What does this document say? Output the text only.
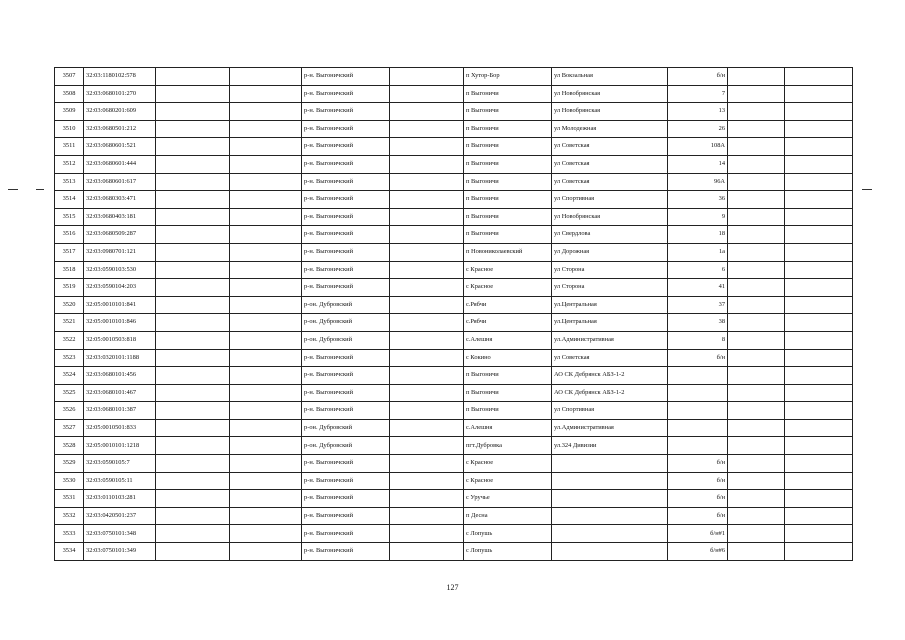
3507	32:03:1180102:578			р-н. Выгоничский		п Хутор-Бор	ул Вокзальная	б/н		
3508	32:03:0680101:270			р-н. Выгоничский		п Выгоничи	ул Новобрянская	7		
3509	32:03:0680201:609			р-н. Выгоничский		п Выгоничи	ул Новобрянская	13		
3510	32:03:0680501:212			р-н. Выгоничский		п Выгоничи	ул Молодежная	26		
3511	32:03:0680601:521			р-н. Выгоничский		п Выгоничи	ул Советская	108А		
3512	32:03:0680601:444			р-н. Выгоничский		п Выгоничи	ул Советская	14		
3513	32:03:0680601:617			р-н. Выгоничский		п Выгоничи	ул Советская	96А		
3514	32:03:0680303:471			р-н. Выгоничский		п Выгоничи	ул Спортивная	36		
3515	32:03:0680403:181			р-н. Выгоничский		п Выгоничи	ул Новобрянская	9		
3516	32:03:0680509:287			р-н. Выгоничский		п Выгоничи	ул Свердлова	18		
3517	32:03:0980701:121			р-н. Выгоничский		п Новониколаевский	ул Дорожная	1а		
3518	32:03:0590103:530			р-н. Выгоничский		с Красное	ул Сторона	6		
3519	32:03:0590104:203			р-н. Выгоничский		с Красное	ул Сторона	41		
3520	32:05:0010101:841			р-он. Дубровский		с.Рябчи	ул.Центральная	37		
3521	32:05:0010101:846			р-он. Дубровский		с.Рябчи	ул.Центральная	38		
3522	32:05:0010503:818			р-он. Дубровский		с.Алешня	ул.Административная	8		
3523	32:03:0320101:1188			р-н. Выгоничский		с Кокино	ул Советская	б/н		
3524	32:03:0680101:456			р-н. Выгоничский		п Выгоничи	АО СК Дебрянск АБЗ-1-2			
3525	32:03:0680101:467			р-н. Выгоничский		п Выгоничи	АО СК Дебрянск АБЗ-1-2			
3526	32:03:0680101:387			р-н. Выгоничский		п Выгоничи	ул Спортивная			
3527	32:05:0010501:833			р-он. Дубровский		с.Алешня	ул.Административная			
3528	32:05:0010101:1218			р-он. Дубровский		пгт.Дубровка	ул.324 Дивизии			
3529	32:03:0590105:7			р-н. Выгоничский		с Красное		б/н		
3530	32:03:0590105:11			р-н. Выгоничский		с Красное		б/н		
3531	32:03:0110103:281			р-н. Выгоничский		с Уручье		б/н		
3532	32:03:0420501:237			р-н. Выгоничский		п Десна		б/н		
3533	32:03:0750101:348			р-н. Выгоничский		с Лопушь		б/н#1		
3534	32:03:0750101:349			р-н. Выгоничский		с Лопушь		б/н#6		
127
